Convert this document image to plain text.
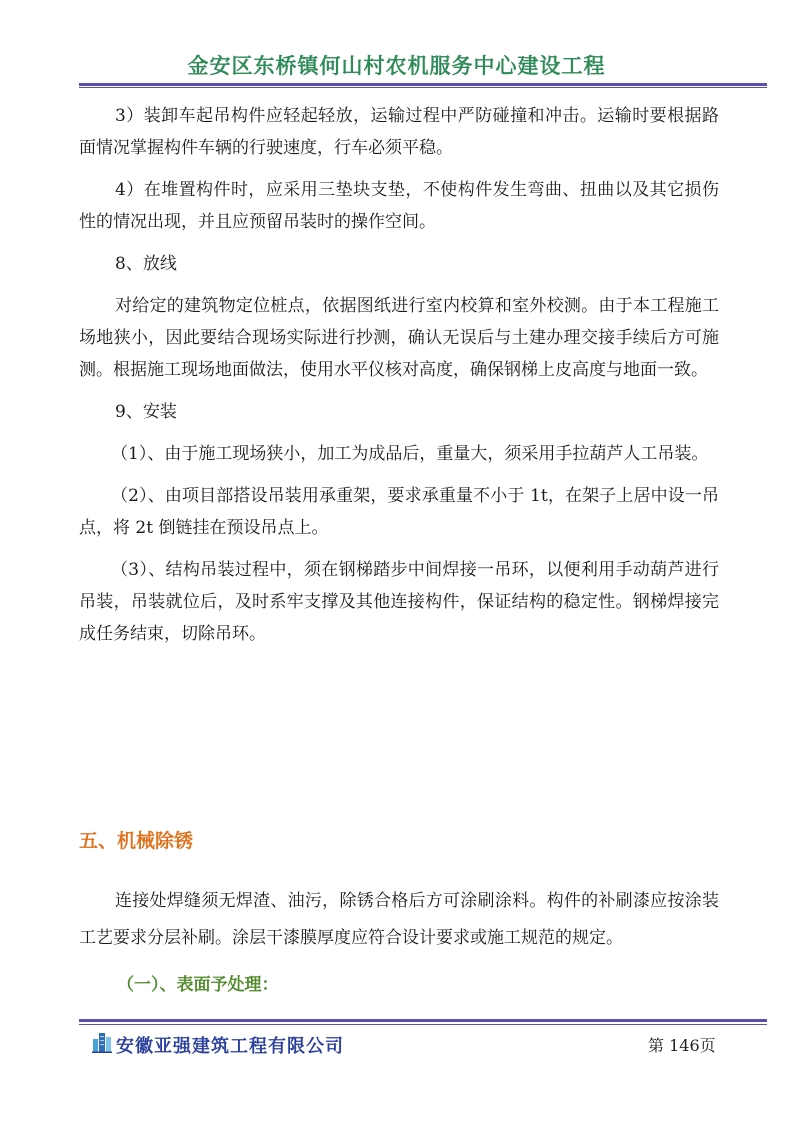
金安区东桥镇何山村农机服务中心建设工程

3）装卸车起吊构件应轻起轻放，运输过程中严防碰撞和冲击。运输时要根据路面情况掌握构件车辆的行驶速度，行车必须平稳。

4）在堆置构件时，应采用三垫块支垫，不使构件发生弯曲、扭曲以及其它损伤性的情况出现，并且应预留吊装时的操作空间。

8、放线

对给定的建筑物定位桩点，依据图纸进行室内校算和室外校测。由于本工程施工场地狭小，因此要结合现场实际进行抄测，确认无误后与土建办理交接手续后方可施测。根据施工现场地面做法，使用水平仪核对高度，确保钢梯上皮高度与地面一致。

9、安装

（1）、由于施工现场狭小，加工为成品后，重量大，须采用手拉葫芦人工吊装。

（2）、由项目部搭设吊装用承重架，要求承重量不小于 1t，在架子上居中设一吊点，将 2t 倒链挂在预设吊点上。

（3）、结构吊装过程中，须在钢梯踏步中间焊接一吊环，以便利用手动葫芦进行吊装，吊装就位后，及时系牢支撑及其他连接构件，保证结构的稳定性。钢梯焊接完成任务结束，切除吊环。

五、机械除锈

连接处焊缝须无焊渣、油污，除锈合格后方可涂刷涂料。构件的补刷漆应按涂装工艺要求分层补刷。涂层干漆膜厚度应符合设计要求或施工规范的规定。

（一）、表面予处理：
安徽亚强建筑工程有限公司	第 146页
